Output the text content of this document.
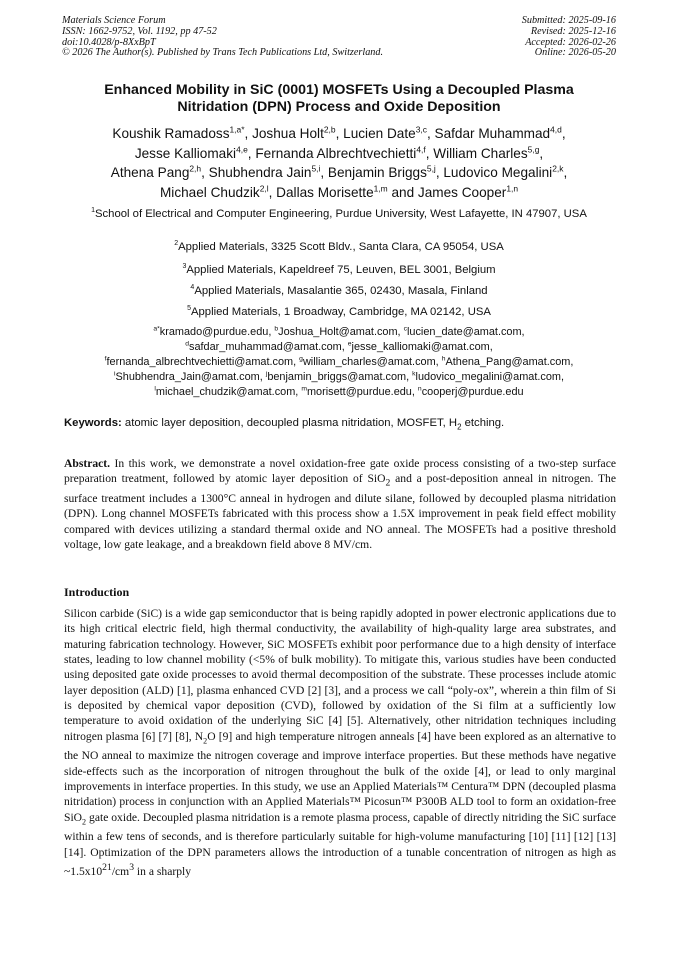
Materials Science Forum
ISSN: 1662-9752, Vol. 1192, pp 47-52
doi:10.4028/p-8XxBpT
© 2026 The Author(s). Published by Trans Tech Publications Ltd, Switzerland.
Submitted: 2025-09-16
Revised: 2025-12-16
Accepted: 2026-02-26
Online: 2026-05-20
Enhanced Mobility in SiC (0001) MOSFETs Using a Decoupled Plasma
Nitridation (DPN) Process and Oxide Deposition
Koushik Ramadoss$^{1,a*}$, Joshua Holt$^{2,b}$, Lucien Date$^{3,c}$, Safdar Muhammad$^{4,d}$,
Jesse Kalliomaki$^{4,e}$, Fernanda Albrechtvechietti$^{4,f}$, William Charles$^{5,g}$,
Athena Pang$^{2,h}$, Shubhendra Jain$^{5,i}$, Benjamin Briggs$^{5,j}$, Ludovico Megalini$^{2,k}$,
Michael Chudzik$^{2,l}$, Dallas Morisette$^{1,m}$ and James Cooper$^{1,n}$
$^1$School of Electrical and Computer Engineering, Purdue University, West Lafayette, IN 47907, USA
$^2$Applied Materials, 3325 Scott Bldv., Santa Clara, CA 95054, USA
$^3$Applied Materials, Kapeldreef 75, Leuven, BEL 3001, Belgium
$^4$Applied Materials, Masalantie 365, 02430, Masala, Finland
$^5$Applied Materials, 1 Broadway, Cambridge, MA 02142, USA
$^{a*}$kramado@purdue.edu, $^b$Joshua_Holt@amat.com, $^c$lucien_date@amat.com,
$^d$safdar_muhammad@amat.com, $^e$jesse_kalliomaki@amat.com,
$^f$fernanda_albrechtvechietti@amat.com, $^g$william_charles@amat.com, $^h$Athena_Pang@amat.com,
$^i$Shubhendra_Jain@amat.com, $^j$benjamin_briggs@amat.com, $^k$ludovico_megalini@amat.com,
$^l$michael_chudzik@amat.com, $^m$morisett@purdue.edu, $^n$cooperj@purdue.edu
Keywords: atomic layer deposition, decoupled plasma nitridation, MOSFET, $H_2$ etching.
Abstract. In this work, we demonstrate a novel oxidation-free gate oxide process consisting of a two-step surface preparation treatment, followed by atomic layer deposition of SiO$_2$ and a post-deposition anneal in nitrogen. The surface treatment includes a 1300°C anneal in hydrogen and dilute silane, followed by decoupled plasma nitridation (DPN). Long channel MOSFETs fabricated with this process show a 1.5X improvement in peak field effect mobility compared with devices utilizing a standard thermal oxide and NO anneal. The MOSFETs had a positive threshold voltage, low gate leakage, and a breakdown field above 8 MV/cm.
Introduction
Silicon carbide (SiC) is a wide gap semiconductor that is being rapidly adopted in power electronic applications due to its high critical electric field, high thermal conductivity, the availability of high-quality large area substrates, and maturing fabrication technology. However, SiC MOSFETs exhibit poor performance due to a high density of interface states, leading to low channel mobility (<5% of bulk mobility). To mitigate this, various studies have been conducted using deposited gate oxide processes to avoid thermal decomposition of the substrate. These processes include atomic layer deposition (ALD) [1], plasma enhanced CVD [2] [3], and a process we call “poly-ox”, wherein a thin film of Si is deposited by chemical vapor deposition (CVD), followed by oxidation of the Si film at a sufficiently low temperature to avoid oxidation of the underlying SiC [4] [5]. Alternatively, other nitridation techniques including nitrogen plasma [6] [7] [8], $N_2O$ [9] and high temperature nitrogen anneals [4] have been explored as an alternative to the NO anneal to maximize the nitrogen coverage and improve interface properties. But these methods have negative side-effects such as the incorporation of nitrogen throughout the bulk of the oxide [4], or lead to only marginal improvements in interface properties. In this study, we use an Applied Materials™ Centura™ DPN (decoupled plasma nitridation) process in conjunction with an Applied Materials™ Picosun™ P300B ALD tool to form an oxidation-free SiO$_2$ gate oxide. Decoupled plasma nitridation is a remote plasma process, capable of directly nitriding the SiC surface within a few tens of seconds, and is therefore particularly suitable for high-volume manufacturing [10] [11] [12] [13] [14]. Optimization of the DPN parameters allows the introduction of a tunable concentration of nitrogen as high as $\sim 1.5x10^{21}/cm^3$ in a sharply
